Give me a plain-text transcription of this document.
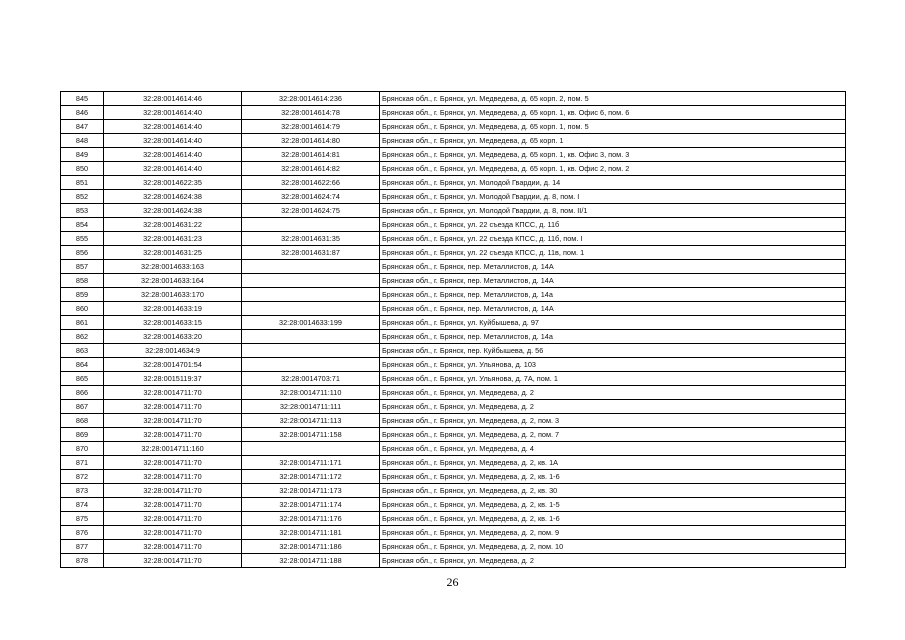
845	32:28:0014614:46	32:28:0014614:236	Брянская обл., г. Брянск, ул. Медведева, д. 65 корп. 2, пом. 5
846	32:28:0014614:40	32:28:0014614:78	Брянская обл., г. Брянск, ул. Медведева, д. 65 корп. 1, кв. Офис 6, пом. 6
847	32:28:0014614:40	32:28:0014614:79	Брянская обл., г. Брянск, ул. Медведева, д. 65 корп. 1, пом. 5
848	32:28:0014614:40	32:28:0014614:80	Брянская обл., г. Брянск, ул. Медведева, д. 65 корп. 1
849	32:28:0014614:40	32:28:0014614:81	Брянская обл., г. Брянск, ул. Медведева, д. 65 корп. 1, кв. Офис 3, пом. 3
850	32:28:0014614:40	32:28:0014614:82	Брянская обл., г. Брянск, ул. Медведева, д. 65 корп. 1, кв. Офис 2, пом. 2
851	32:28:0014622:35	32:28:0014622:66	Брянская обл., г. Брянск, ул. Молодой Гвардии, д. 14
852	32:28:0014624:38	32:28:0014624:74	Брянская обл., г. Брянск, ул. Молодой Гвардии, д. 8, пом. I
853	32:28:0014624:38	32:28:0014624:75	Брянская обл., г. Брянск, ул. Молодой Гвардии, д. 8, пом. II/1
854	32:28:0014631:22		Брянская обл., г. Брянск, ул. 22 съезда КПСС, д. 11б
855	32:28:0014631:23	32:28:0014631:35	Брянская обл., г. Брянск, ул. 22 съезда КПСС, д. 11б, пом. I
856	32:28:0014631:25	32:28:0014631:87	Брянская обл., г. Брянск, ул. 22 съезда КПСС, д. 11в, пом. 1
857	32:28:0014633:163		Брянская обл., г. Брянск, пер. Металлистов, д. 14А
858	32:28:0014633:164		Брянская обл., г. Брянск, пер. Металлистов, д. 14А
859	32:28:0014633:170		Брянская обл., г. Брянск, пер. Металлистов, д. 14а
860	32:28:0014633:19		Брянская обл., г. Брянск, пер. Металлистов, д. 14А
861	32:28:0014633:15	32:28:0014633:199	Брянская обл., г. Брянск, ул. Куйбышева, д. 97
862	32:28:0014633:20		Брянская обл., г. Брянск, пер. Металлистов, д. 14а
863	32:28:0014634:9		Брянская обл., г. Брянск, пер. Куйбышева, д. 56
864	32:28:0014701:54		Брянская обл., г. Брянск, ул. Ульянова, д. 103
865	32:28:0015119:37	32:28:0014703:71	Брянская обл., г. Брянск, ул. Ульянова, д. 7А, пом. 1
866	32:28:0014711:70	32:28:0014711:110	Брянская обл., г. Брянск, ул. Медведева, д. 2
867	32:28:0014711:70	32:28:0014711:111	Брянская обл., г. Брянск, ул. Медведева, д. 2
868	32:28:0014711:70	32:28:0014711:113	Брянская обл., г. Брянск, ул. Медведева, д. 2, пом. 3
869	32:28:0014711:70	32:28:0014711:158	Брянская обл., г. Брянск, ул. Медведева, д. 2, пом. 7
870	32:28:0014711:160		Брянская обл., г. Брянск, ул. Медведева, д. 4
871	32:28:0014711:70	32:28:0014711:171	Брянская обл., г. Брянск, ул. Медведева, д. 2, кв. 1А
872	32:28:0014711:70	32:28:0014711:172	Брянская обл., г. Брянск, ул. Медведева, д. 2, кв. 1-6
873	32:28:0014711:70	32:28:0014711:173	Брянская обл., г. Брянск, ул. Медведева, д. 2, кв. 30
874	32:28:0014711:70	32:28:0014711:174	Брянская обл., г. Брянск, ул. Медведева, д. 2, кв. 1-5
875	32:28:0014711:70	32:28:0014711:176	Брянская обл., г. Брянск, ул. Медведева, д. 2, кв. 1-6
876	32:28:0014711:70	32:28:0014711:181	Брянская обл., г. Брянск, ул. Медведева, д. 2, пом. 9
877	32:28:0014711:70	32:28:0014711:186	Брянская обл., г. Брянск, ул. Медведева, д. 2, пом. 10
878	32:28:0014711:70	32:28:0014711:188	Брянская обл., г. Брянск, ул. Медведева, д. 2
26
